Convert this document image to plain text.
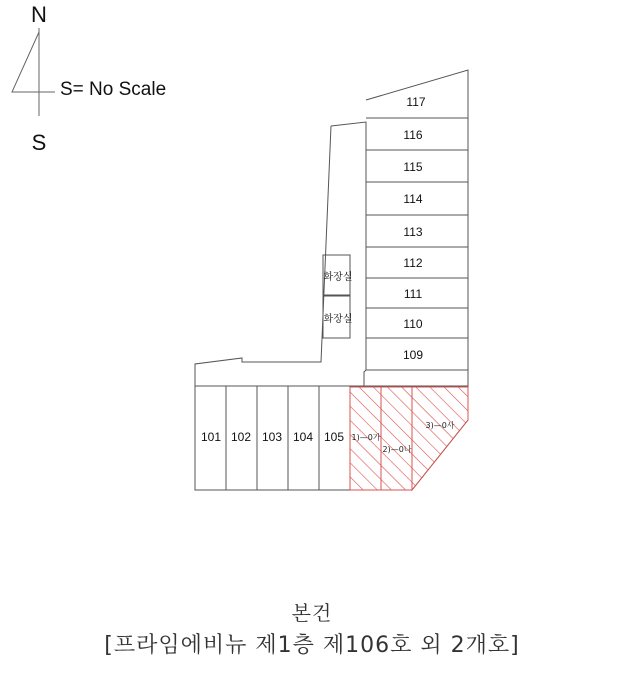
N
S= No Scale
S
117
116
115
114
113
112
111
110
109
101 102 103 104 105
화장실
화장실
1)—0가
2)—0나
3)—0사
본건
[프라임에비뉴 제1층 제106호 외 2개호]
